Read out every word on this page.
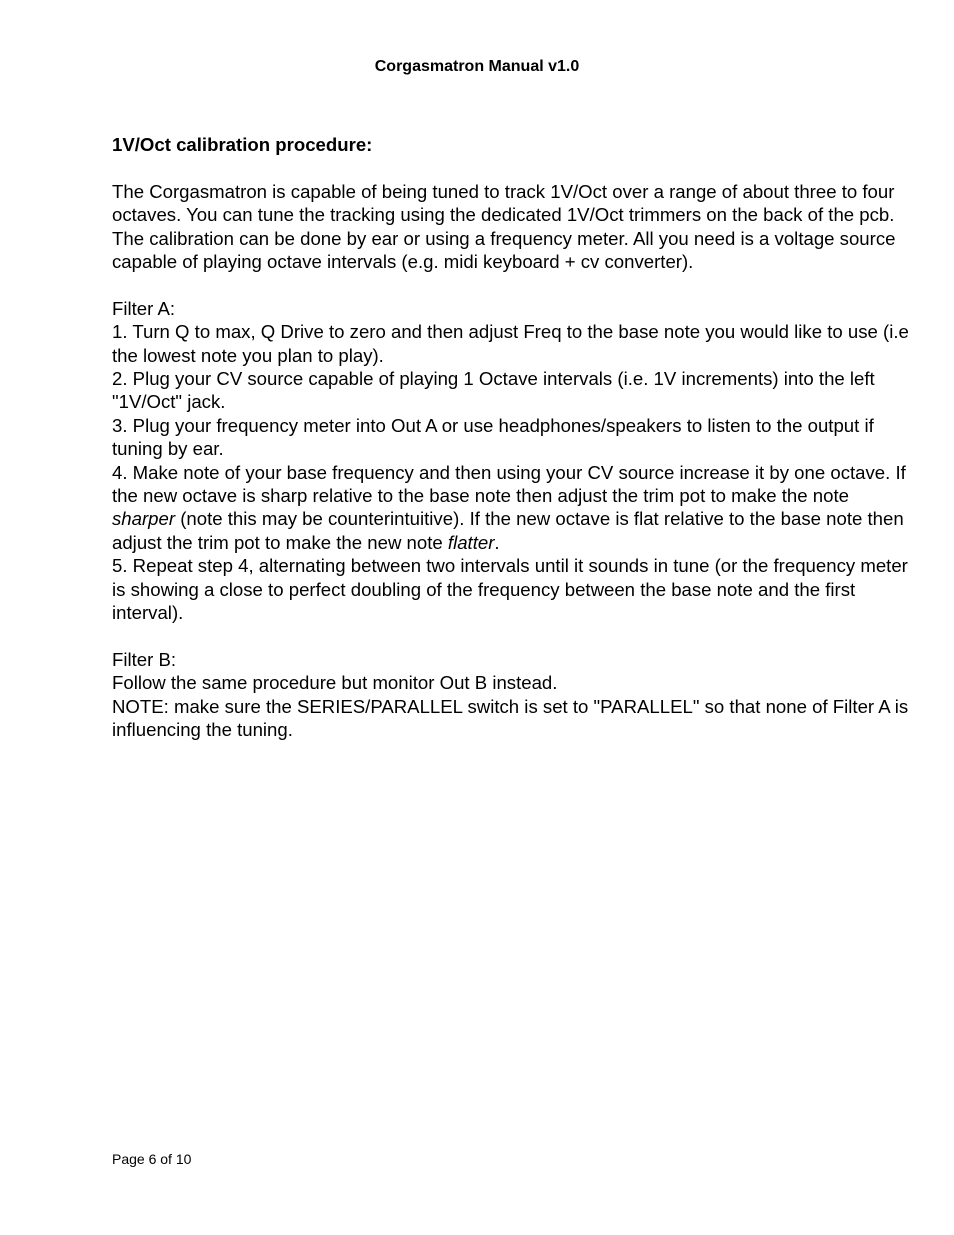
Corgasmatron Manual v1.0

1V/Oct calibration procedure:

The Corgasmatron is capable of being tuned to track 1V/Oct over a range of about three to four octaves. You can tune the tracking using the dedicated 1V/Oct trimmers on the back of the pcb. The calibration can be done by ear or using a frequency meter. All you need is a voltage source capable of playing octave intervals (e.g. midi keyboard + cv converter).

Filter A:

1. Turn Q to max, Q Drive to zero and then adjust Freq to the base note you would like to use (i.e the lowest note you plan to play).

2. Plug your CV source capable of playing 1 Octave intervals (i.e. 1V increments) into the left "1V/Oct" jack.

3. Plug your frequency meter into Out A or use headphones/speakers to listen to the output if tuning by ear.

4. Make note of your base frequency and then using your CV source increase it by one octave. If the new octave is sharp relative to the base note then adjust the trim pot to make the note sharper (note this may be counterintuitive). If the new octave is flat relative to the base note then adjust the trim pot to make the new note flatter.

5. Repeat step 4, alternating between two intervals until it sounds in tune (or the frequency meter is showing a close to perfect doubling of the frequency between the base note and the first interval).

Filter B:

Follow the same procedure but monitor Out B instead.

NOTE: make sure the SERIES/PARALLEL switch is set to "PARALLEL" so that none of Filter A is influencing the tuning.

Page 6 of 10
